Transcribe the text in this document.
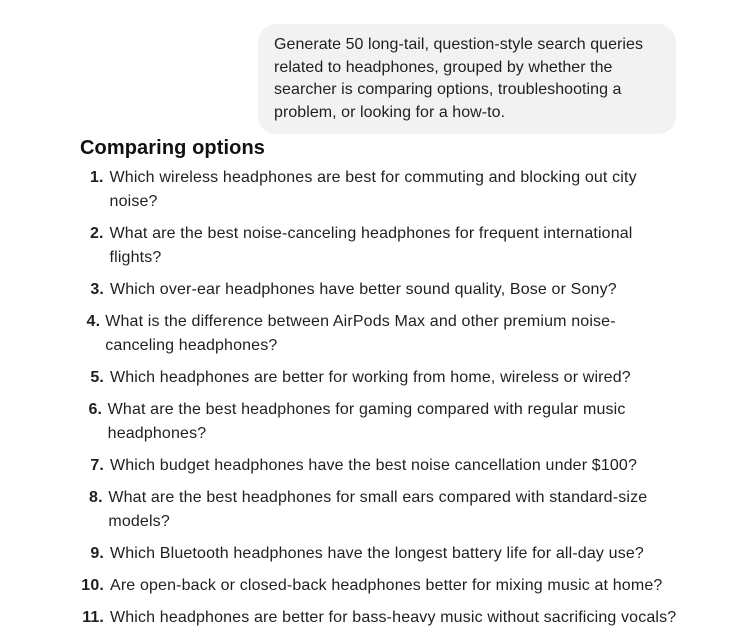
Generate 50 long-tail, question-style search queries related to headphones, grouped by whether the searcher is comparing options, troubleshooting a problem, or looking for a how-to.
Comparing options
1. Which wireless headphones are best for commuting and blocking out city noise?
2. What are the best noise-canceling headphones for frequent international flights?
3. Which over-ear headphones have better sound quality, Bose or Sony?
4. What is the difference between AirPods Max and other premium noise-canceling headphones?
5. Which headphones are better for working from home, wireless or wired?
6. What are the best headphones for gaming compared with regular music headphones?
7. Which budget headphones have the best noise cancellation under $100?
8. What are the best headphones for small ears compared with standard-size models?
9. Which Bluetooth headphones have the longest battery life for all-day use?
10. Are open-back or closed-back headphones better for mixing music at home?
11. Which headphones are better for bass-heavy music without sacrificing vocals?
